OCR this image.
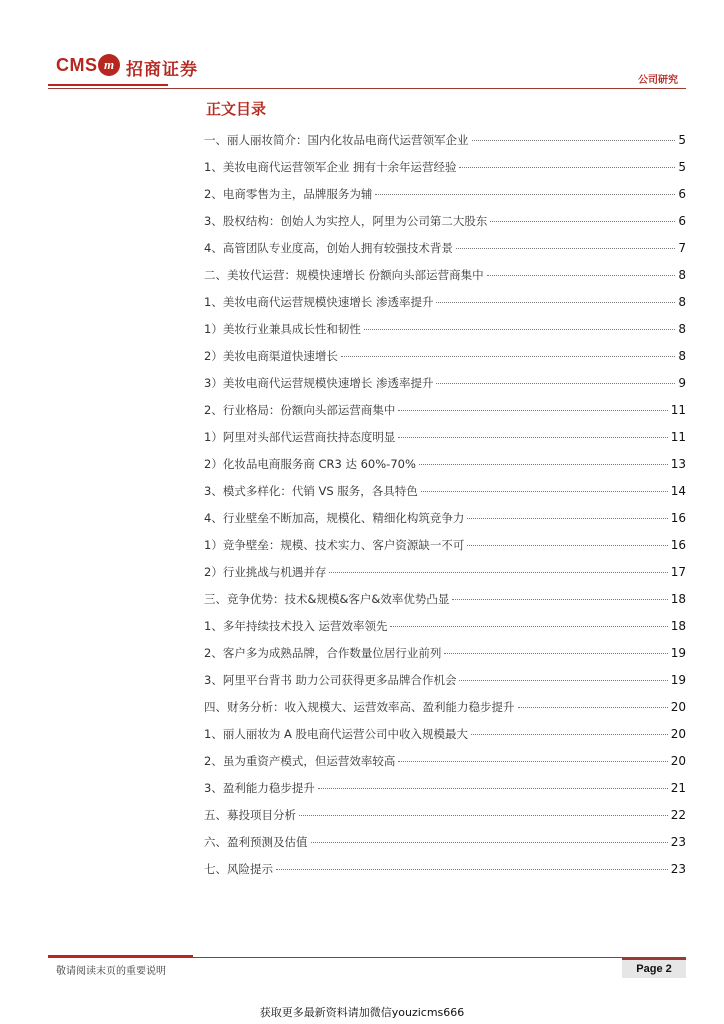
CMS m 招商证券
公司研究
正文目录
一、丽人丽妆简介：国内化妆品电商代运营领军企业	5
1、美妆电商代运营领军企业 拥有十余年运营经验	5
2、电商零售为主，品牌服务为辅	6
3、股权结构：创始人为实控人，阿里为公司第二大股东	6
4、高管团队专业度高，创始人拥有较强技术背景	7
二、美妆代运营：规模快速增长 份额向头部运营商集中	8
1、美妆电商代运营规模快速增长 渗透率提升	8
1）美妆行业兼具成长性和韧性	8
2）美妆电商渠道快速增长	8
3）美妆电商代运营规模快速增长 渗透率提升	9
2、行业格局：份额向头部运营商集中	11
1）阿里对头部代运营商扶持态度明显	11
2）化妆品电商服务商 CR3 达 60%-70%	13
3、模式多样化：代销 VS 服务，各具特色	14
4、行业壁垒不断加高，规模化、精细化构筑竞争力	16
1）竞争壁垒：规模、技术实力、客户资源缺一不可	16
2）行业挑战与机遇并存	17
三、竞争优势：技术&规模&客户&效率优势凸显	18
1、多年持续技术投入 运营效率领先	18
2、客户多为成熟品牌，合作数量位居行业前列	19
3、阿里平台背书 助力公司获得更多品牌合作机会	19
四、财务分析：收入规模大、运营效率高、盈利能力稳步提升	20
1、丽人丽妆为 A 股电商代运营公司中收入规模最大	20
2、虽为重资产模式，但运营效率较高	20
3、盈利能力稳步提升	21
五、募投项目分析	22
六、盈利预测及估值	23
七、风险提示	23
敬请阅读末页的重要说明	Page 2
获取更多最新资料请加微信youzicms666
